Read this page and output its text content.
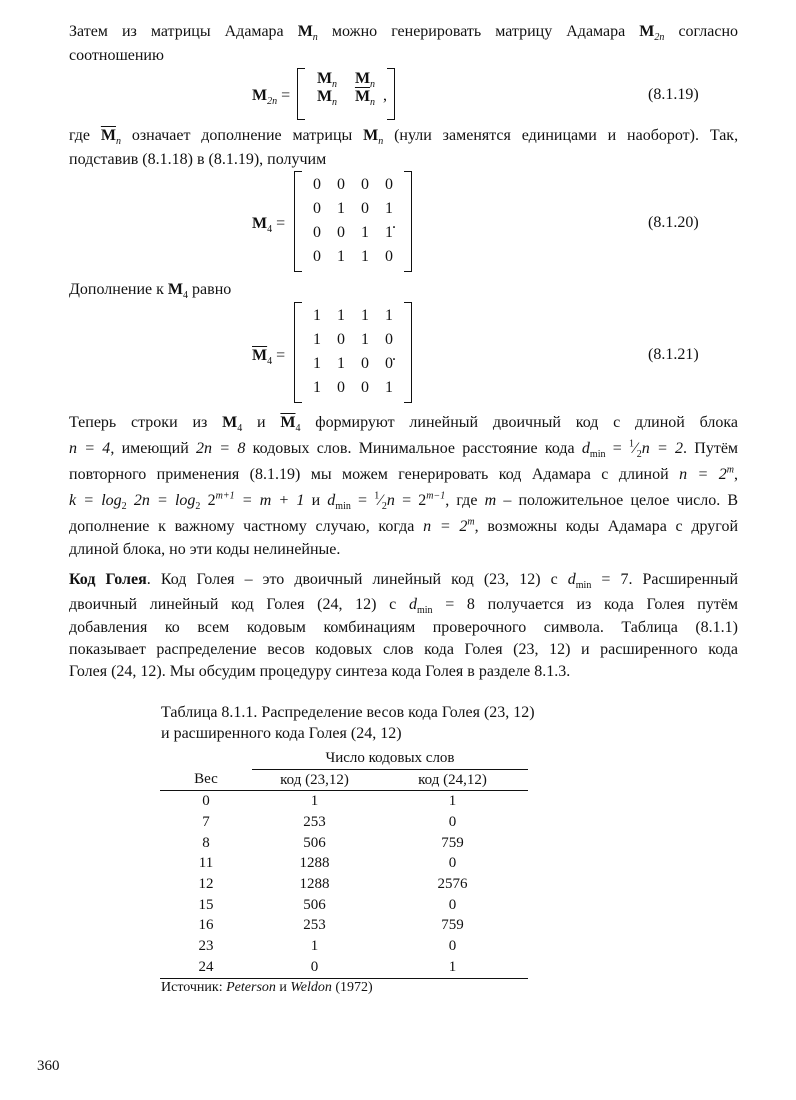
Затем из матрицы Адамара $M_n$ можно генерировать матрицу Адамара $M_{2n}$ согласно
соотношению
$M_{2n}$ =
$M_n$	$M_n$
$M_n$	$\overline{M}_n$ ,	(8.1.19)
где $\overline{M}_n$ означает дополнение матрицы $M_n$ (нули заменятся единицами и наоборот). Так,
подставив (8.1.18) в (8.1.19), получим
$M_4$ =
0	0	0	0
0	1	0	1
0	0	1	1
0	1	1	0
.	(8.1.20)
Дополнение к $M_4$ равно
$\overline{M}_4$ =
1	1	1	1
1	0	1	0
1	1	0	0
1	0	0	1
.	(8.1.21)
Теперь строки из $M_4$ и $\overline{M}_4$ формируют линейный двоичный код с длиной блока
n = 4, имеющий 2n = 8 кодовых слов. Минимальное расстояние кода $d_{min}$ = $^1⁄_2n = 2$. Путём
повторного применения (8.1.19) мы можем генерировать код Адамара с длиной $n = 2^m$,
$k = \log_2 2n = \log_2 2^{m+1} = m + 1$ и $d_{min}$ = $^1⁄_2n = 2^{m-1}$, где m – положительное целое число. В
дополнение к важному частному случаю, когда $n = 2^m$, возможны коды Адамара с другой
длиной блока, но эти коды нелинейные.
Код Голея. Код Голея – это двоичный линейный код (23, 12) с $d_{min} = 7$. Расширенный
двоичный линейный код Голея (24, 12) с $d_{min} = 8$ получается из кода Голея путём
добавления ко всем кодовым комбинациям проверочного символа. Таблица (8.1.1)
показывает распределение весов кодовых слов кода Голея (23, 12) и расширенного кода
Голея (24, 12). Мы обсудим процедуру синтеза кода Голея в разделе 8.1.3.
Таблица 8.1.1. Распределение весов кода Голея (23, 12)
и расширенного кода Голея (24, 12)
	Число кодовых слов	
Вес	код (23,12)	код (24,12)
0	1	1
7	253	0
8	506	759
11	1288	0
12	1288	2576
15	506	0
16	253	759
23	1	0
24	0	1
Источник: Peterson и Weldon (1972)
360
